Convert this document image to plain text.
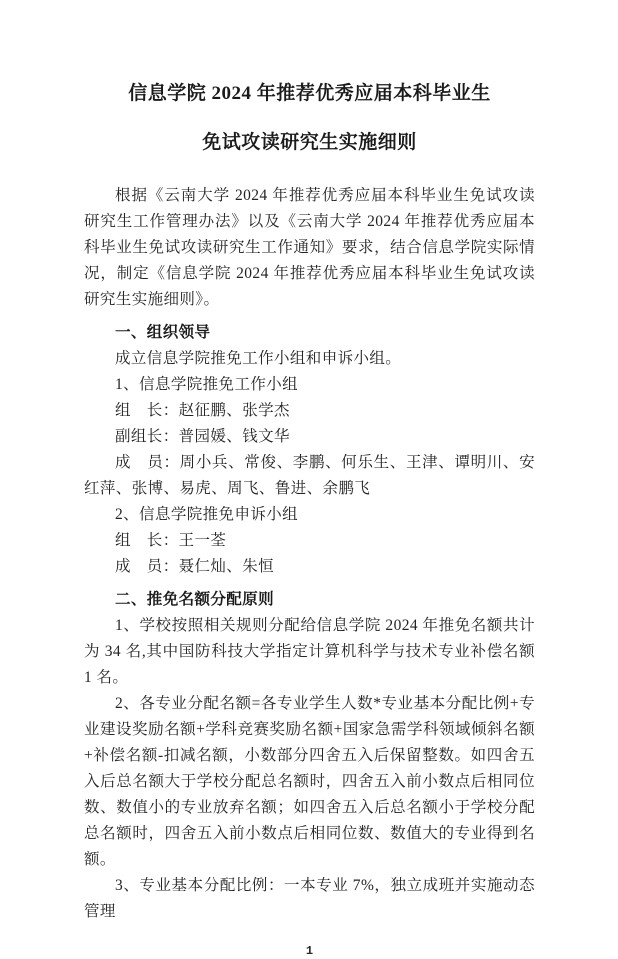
信息学院 2024 年推荐优秀应届本科毕业生
免试攻读研究生实施细则

根据《云南大学 2024 年推荐优秀应届本科毕业生免试攻读研究生工作管理办法》以及《云南大学 2024 年推荐优秀应届本科毕业生免试攻读研究生工作通知》要求，结合信息学院实际情况，制定《信息学院 2024 年推荐优秀应届本科毕业生免试攻读研究生实施细则》。

一、组织领导

成立信息学院推免工作小组和申诉小组。

1、信息学院推免工作小组

组　长：赵征鹏、张学杰

副组长：普园媛、钱文华

成　员：周小兵、常俊、李鹏、何乐生、王津、谭明川、安红萍、张博、易虎、周飞、鲁进、余鹏飞

2、信息学院推免申诉小组

组　长：王一荃

成　员：聂仁灿、朱恒

二、推免名额分配原则

1、学校按照相关规则分配给信息学院 2024 年推免名额共计为 34 名,其中国防科技大学指定计算机科学与技术专业补偿名额 1 名。

2、各专业分配名额=各专业学生人数*专业基本分配比例+专业建设奖励名额+学科竞赛奖励名额+国家急需学科领域倾斜名额+补偿名额-扣减名额，小数部分四舍五入后保留整数。如四舍五入后总名额大于学校分配总名额时，四舍五入前小数点后相同位数、数值小的专业放弃名额；如四舍五入后总名额小于学校分配总名额时，四舍五入前小数点后相同位数、数值大的专业得到名额。

3、专业基本分配比例：一本专业 7%，独立成班并实施动态管理

1
